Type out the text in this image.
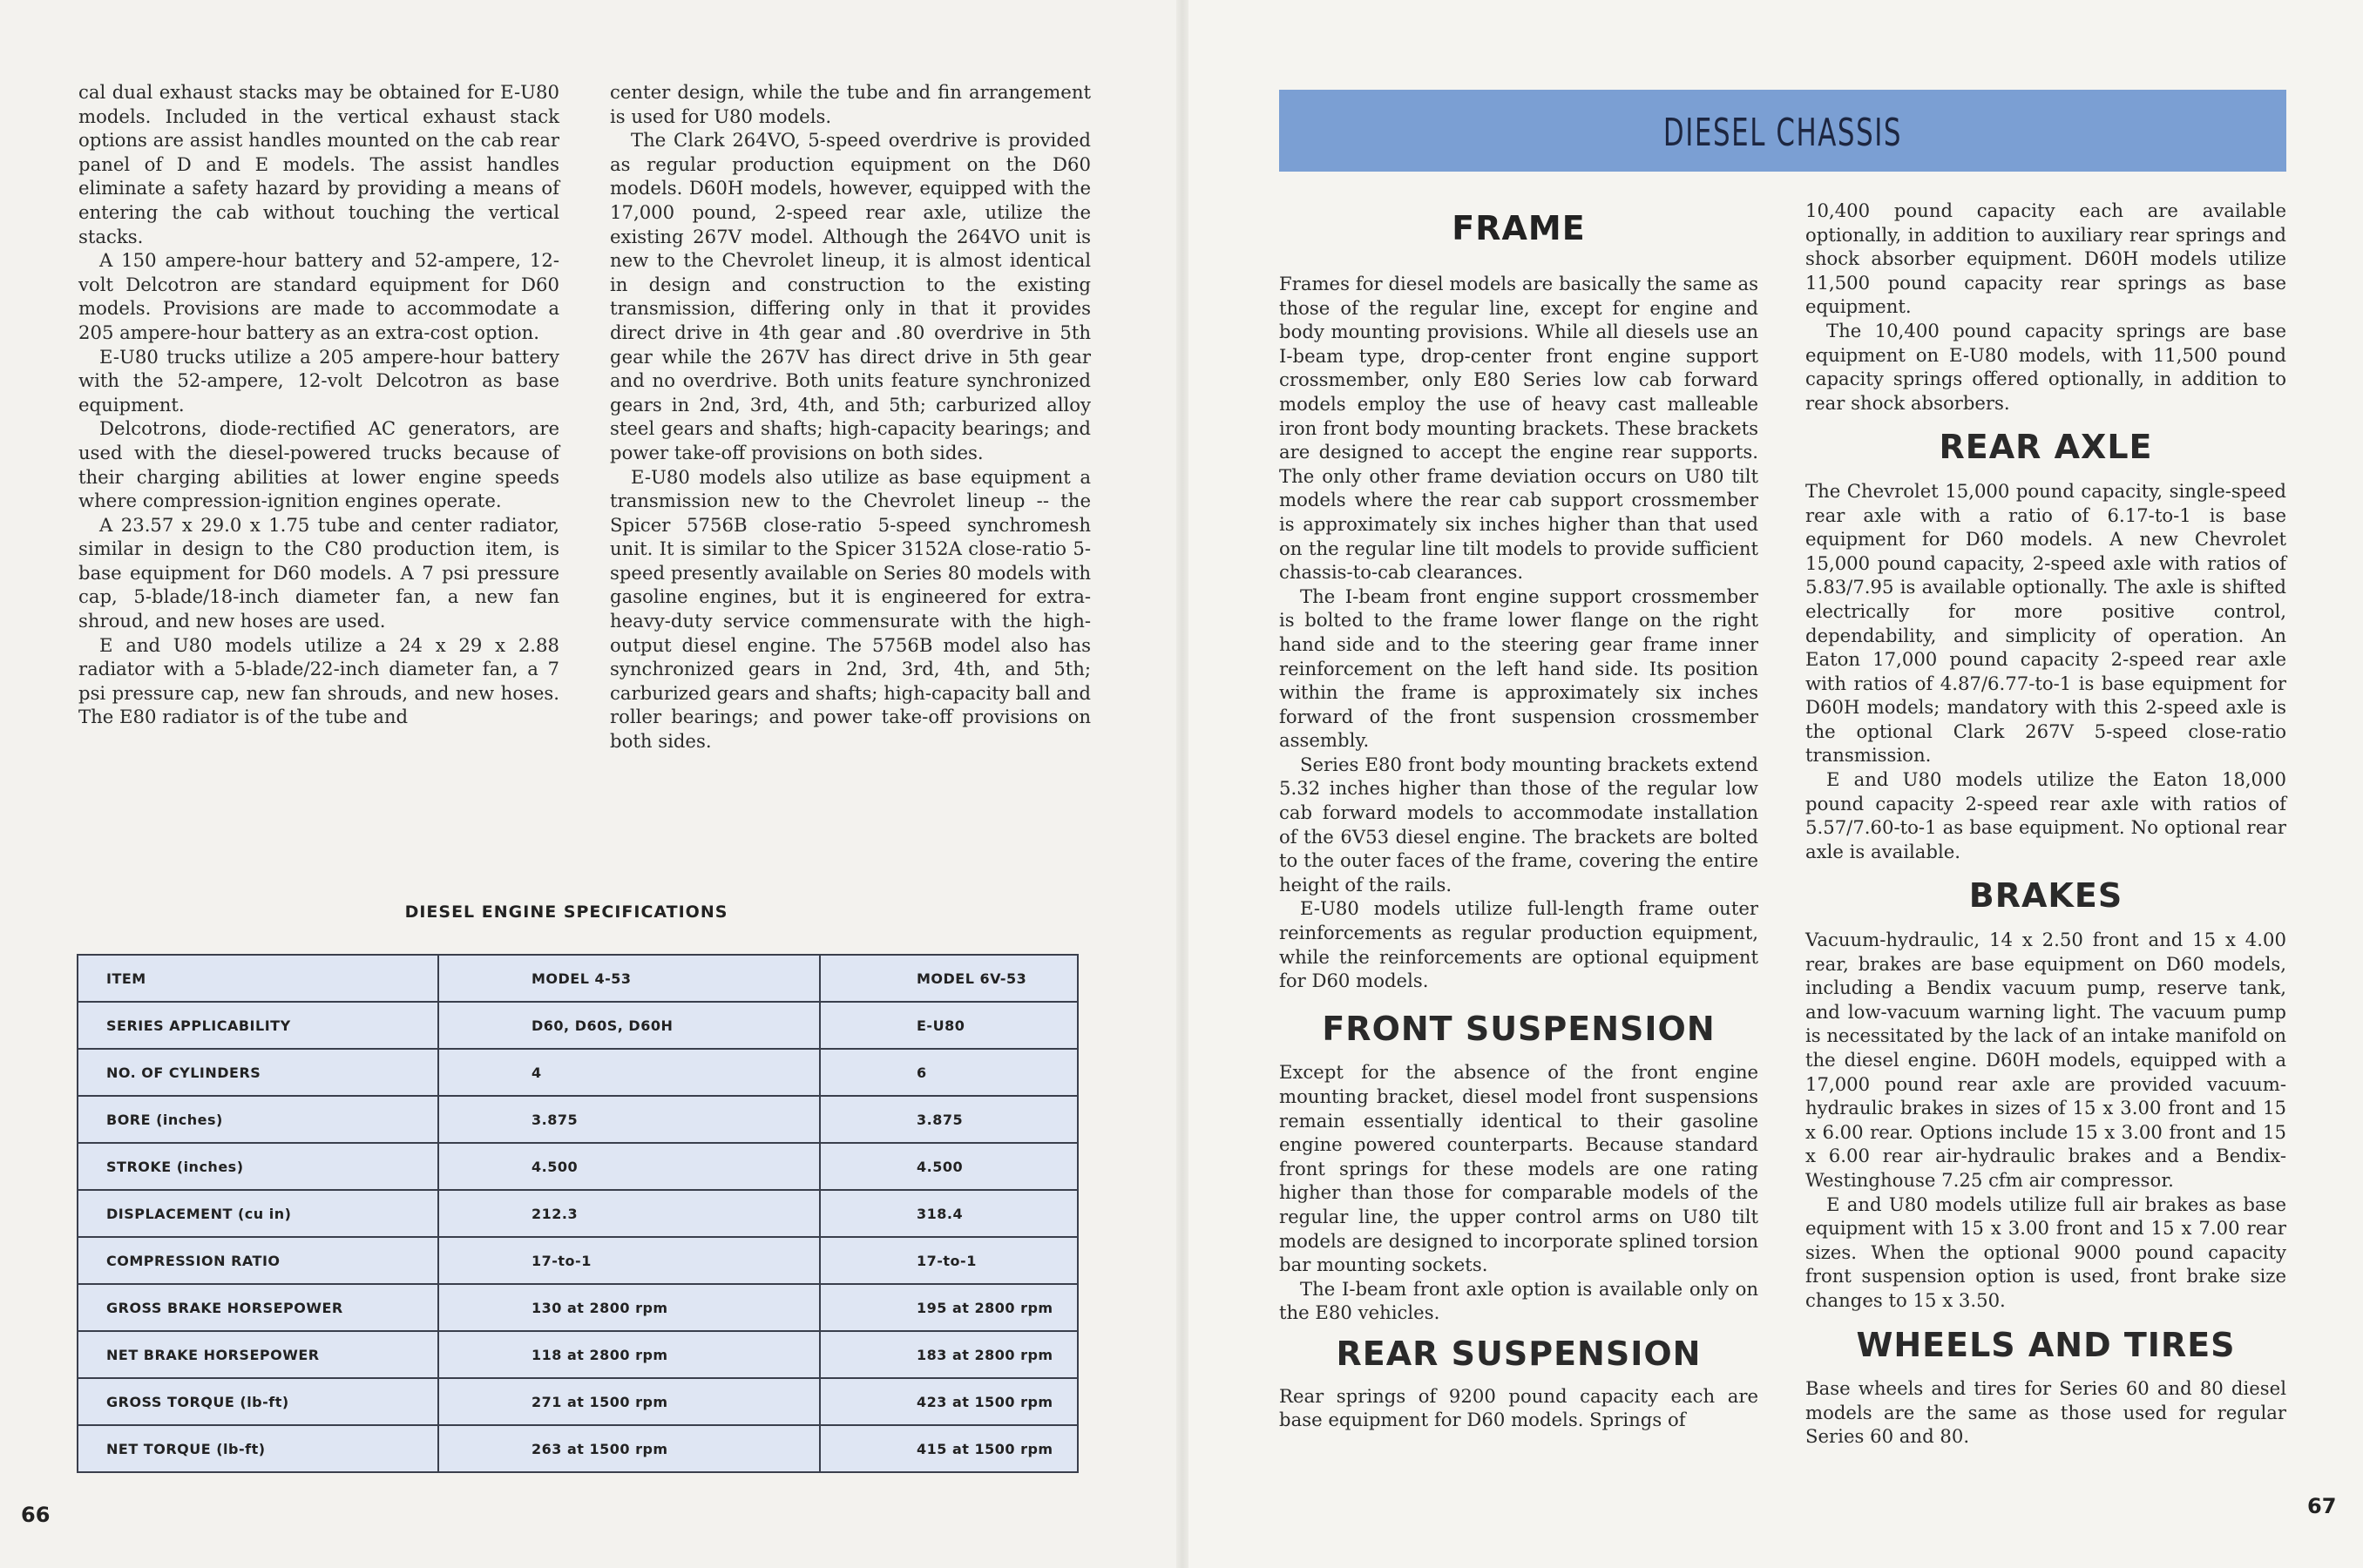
cal dual exhaust stacks may be obtained for E-U80 models. Included in the vertical exhaust stack options are assist handles mounted on the cab rear panel of D and E models. The assist handles eliminate a safety hazard by providing a means of entering the cab without touching the vertical stacks.

A 150 ampere-hour battery and 52-ampere, 12-volt Delcotron are standard equipment for D60 models. Provisions are made to accommodate a 205 ampere-hour battery as an extra-cost option.

E-U80 trucks utilize a 205 ampere-hour battery with the 52-ampere, 12-volt Delcotron as base equipment.

Delcotrons, diode-rectified AC generators, are used with the diesel-powered trucks because of their charging abilities at lower engine speeds where compression-ignition engines operate.

A 23.57 x 29.0 x 1.75 tube and center radiator, similar in design to the C80 production item, is base equipment for D60 models. A 7 psi pressure cap, 5-blade/18-inch diameter fan, a new fan shroud, and new hoses are used.

E and U80 models utilize a 24 x 29 x 2.88 radiator with a 5-blade/22-inch diameter fan, a 7 psi pressure cap, new fan shrouds, and new hoses. The E80 radiator is of the tube and

center design, while the tube and fin arrangement is used for U80 models.

The Clark 264VO, 5-speed overdrive is provided as regular production equipment on the D60 models. D60H models, however, equipped with the 17,000 pound, 2-speed rear axle, utilize the existing 267V model. Although the 264VO unit is new to the Chevrolet lineup, it is almost identical in design and construction to the existing transmission, differing only in that it provides direct drive in 4th gear and .80 overdrive in 5th gear while the 267V has direct drive in 5th gear and no overdrive. Both units feature synchronized gears in 2nd, 3rd, 4th, and 5th; carburized alloy steel gears and shafts; high-capacity bearings; and power take-off provisions on both sides.

E-U80 models also utilize as base equipment a transmission new to the Chevrolet lineup -- the Spicer 5756B close-ratio 5-speed synchromesh unit. It is similar to the Spicer 3152A close-ratio 5-speed presently available on Series 80 models with gasoline engines, but it is engineered for extra-heavy-duty service commensurate with the high-output diesel engine. The 5756B model also has synchronized gears in 2nd, 3rd, 4th, and 5th; carburized gears and shafts; high-capacity ball and roller bearings; and power take-off provisions on both sides.

DIESEL ENGINE SPECIFICATIONS
ITEM	MODEL 4-53	MODEL 6V-53
SERIES APPLICABILITY	D60, D60S, D60H	E-U80
NO. OF CYLINDERS	4	6
BORE (inches)	3.875	3.875
STROKE (inches)	4.500	4.500
DISPLACEMENT (cu in)	212.3	318.4
COMPRESSION RATIO	17-to-1	17-to-1
GROSS BRAKE HORSEPOWER	130 at 2800 rpm	195 at 2800 rpm
NET BRAKE HORSEPOWER	118 at 2800 rpm	183 at 2800 rpm
GROSS TORQUE (lb-ft)	271 at 1500 rpm	423 at 1500 rpm
NET TORQUE (lb-ft)	263 at 1500 rpm	415 at 1500 rpm
66
DIESEL CHASSIS
FRAME

Frames for diesel models are basically the same as those of the regular line, except for engine and body mounting provisions. While all diesels use an I-beam type, drop-center front engine support crossmember, only E80 Series low cab forward models employ the use of heavy cast malleable iron front body mounting brackets. These brackets are designed to accept the engine rear supports. The only other frame deviation occurs on U80 tilt models where the rear cab support crossmember is approximately six inches higher than that used on the regular line tilt models to provide sufficient chassis-to-cab clearances.

The I-beam front engine support crossmember is bolted to the frame lower flange on the right hand side and to the steering gear frame inner reinforcement on the left hand side. Its position within the frame is approximately six inches forward of the front suspension crossmember assembly.

Series E80 front body mounting brackets extend 5.32 inches higher than those of the regular low cab forward models to accommodate installation of the 6V53 diesel engine. The brackets are bolted to the outer faces of the frame, covering the entire height of the rails.

E-U80 models utilize full-length frame outer reinforcements as regular production equipment, while the reinforcements are optional equipment for D60 models.

FRONT SUSPENSION

Except for the absence of the front engine mounting bracket, diesel model front suspensions remain essentially identical to their gasoline engine powered counterparts. Because standard front springs for these models are one rating higher than those for comparable models of the regular line, the upper control arms on U80 tilt models are designed to incorporate splined torsion bar mounting sockets.

The I-beam front axle option is available only on the E80 vehicles.

REAR SUSPENSION

Rear springs of 9200 pound capacity each are base equipment for D60 models. Springs of

10,400 pound capacity each are available optionally, in addition to auxiliary rear springs and shock absorber equipment. D60H models utilize 11,500 pound capacity rear springs as base equipment.

The 10,400 pound capacity springs are base equipment on E-U80 models, with 11,500 pound capacity springs offered optionally, in addition to rear shock absorbers.

REAR AXLE

The Chevrolet 15,000 pound capacity, single-speed rear axle with a ratio of 6.17-to-1 is base equipment for D60 models. A new Chevrolet 15,000 pound capacity, 2-speed axle with ratios of 5.83/7.95 is available optionally. The axle is shifted electrically for more positive control, dependability, and simplicity of operation. An Eaton 17,000 pound capacity 2-speed rear axle with ratios of 4.87/6.77-to-1 is base equipment for D60H models; mandatory with this 2-speed axle is the optional Clark 267V 5-speed close-ratio transmission.

E and U80 models utilize the Eaton 18,000 pound capacity 2-speed rear axle with ratios of 5.57/7.60-to-1 as base equipment. No optional rear axle is available.

BRAKES

Vacuum-hydraulic, 14 x 2.50 front and 15 x 4.00 rear, brakes are base equipment on D60 models, including a Bendix vacuum pump, reserve tank, and low-vacuum warning light. The vacuum pump is necessitated by the lack of an intake manifold on the diesel engine. D60H models, equipped with a 17,000 pound rear axle are provided vacuum-hydraulic brakes in sizes of 15 x 3.00 front and 15 x 6.00 rear. Options include 15 x 3.00 front and 15 x 6.00 rear air-hydraulic brakes and a Bendix-Westinghouse 7.25 cfm air compressor.

E and U80 models utilize full air brakes as base equipment with 15 x 3.00 front and 15 x 7.00 rear sizes. When the optional 9000 pound capacity front suspension option is used, front brake size changes to 15 x 3.50.

WHEELS AND TIRES

Base wheels and tires for Series 60 and 80 diesel models are the same as those used for regular Series 60 and 80.

67
